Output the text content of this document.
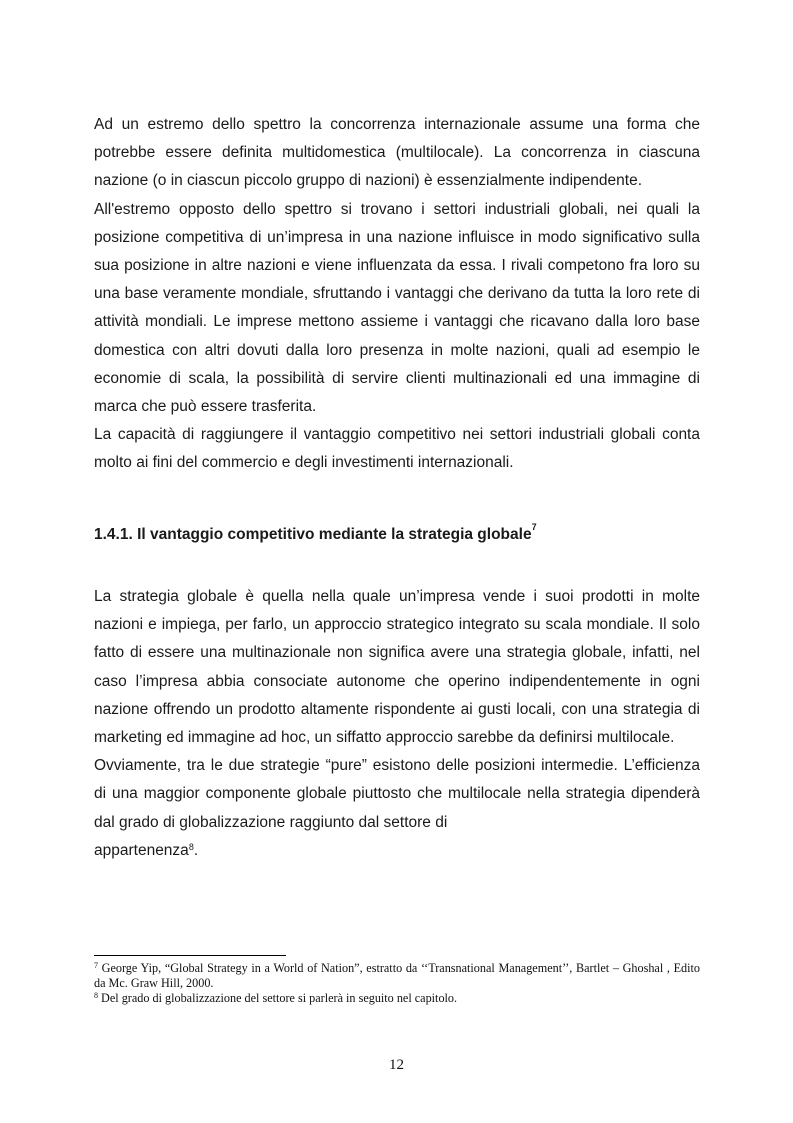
Ad un estremo dello spettro la concorrenza internazionale assume una forma che potrebbe essere definita multidomestica (multilocale). La concorrenza in ciascuna nazione (o in ciascun piccolo gruppo di nazioni) è essenzialmente indipendente.

All'estremo opposto dello spettro si trovano i settori industriali globali, nei quali la posizione competitiva di un’impresa in una nazione influisce in modo significativo sulla sua posizione in altre nazioni e viene influenzata da essa. I rivali competono fra loro su una base veramente mondiale, sfruttando i vantaggi che derivano da tutta la loro rete di attività mondiali. Le imprese mettono assieme i vantaggi che ricavano dalla loro base domestica con altri dovuti dalla loro presenza in molte nazioni, quali ad esempio le economie di scala, la possibilità di servire clienti multinazionali ed una immagine di marca che può essere trasferita.

La capacità di raggiungere il vantaggio competitivo nei settori industriali globali conta molto ai fini del commercio e degli investimenti internazionali.

1.4.1. Il vantaggio competitivo mediante la strategia globale$^7$

La strategia globale è quella nella quale un’impresa vende i suoi prodotti in molte nazioni e impiega, per farlo, un approccio strategico integrato su scala mondiale. Il solo fatto di essere una multinazionale non significa avere una strategia globale, infatti, nel caso l’impresa abbia consociate autonome che operino indipendentemente in ogni nazione offrendo un prodotto altamente rispondente ai gusti locali, con una strategia di marketing ed immagine ad hoc, un siffatto approccio sarebbe da definirsi multilocale.

Ovviamente, tra le due strategie “pure” esistono delle posizioni intermedie. L’efficienza di una maggior componente globale piuttosto che multilocale nella strategia dipenderà dal grado di globalizzazione raggiunto dal settore di

appartenenza$^8$.

$^7$ George Yip, “Global Strategy in a World of Nation”, estratto da ‘‘Transnational Management’’, Bartlet – Ghoshal , Edito da Mc. Graw Hill, 2000.

$^8$ Del grado di globalizzazione del settore si parlerà in seguito nel capitolo.

12
